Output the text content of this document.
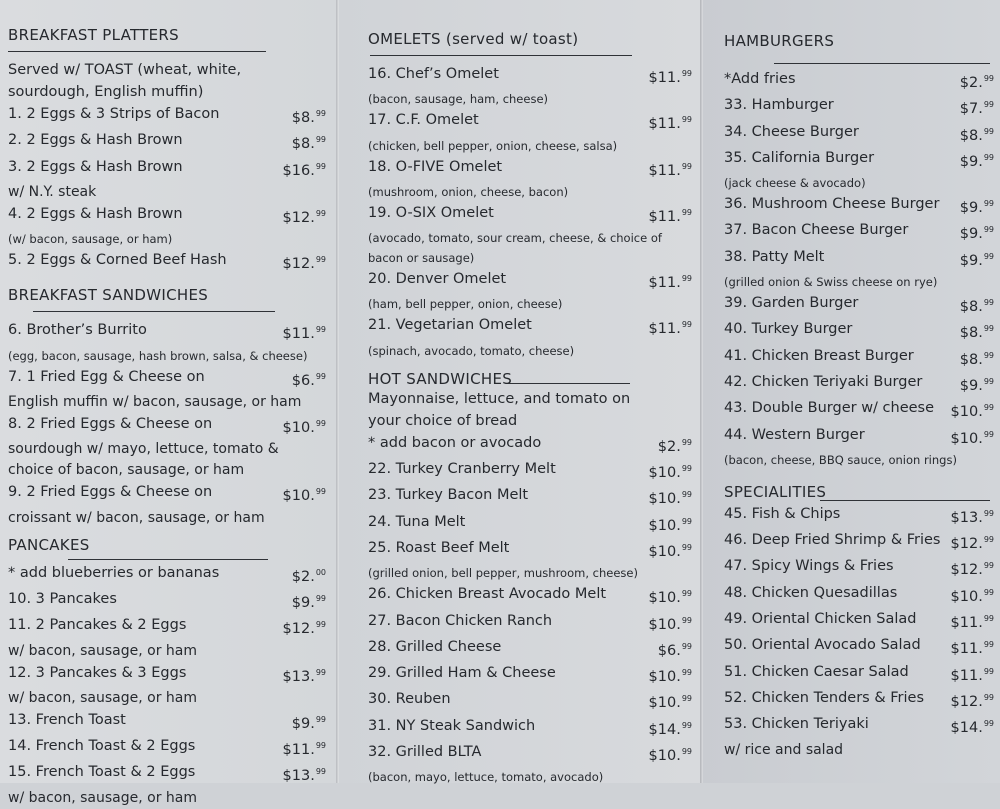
BREAKFAST PLATTERS
Served w/ TOAST (wheat, white, sourdough, English muffin)
1. 2 Eggs & 3 Strips of Bacon	$8.99
2. 2 Eggs & Hash Brown	$8.99
3. 2 Eggs & Hash Brown	$16.99
w/ N.Y. steak
4. 2 Eggs & Hash Brown	$12.99
(w/ bacon, sausage, or ham)
5. 2 Eggs & Corned Beef Hash	$12.99
BREAKFAST SANDWICHES
6. Brother’s Burrito	$11.99
(egg, bacon, sausage, hash brown, salsa, & cheese)
7. 1 Fried Egg & Cheese on	$6.99
English muffin w/ bacon, sausage, or ham
8. 2 Fried Eggs & Cheese on	$10.99
sourdough w/ mayo, lettuce, tomato & choice of bacon, sausage, or ham
9. 2 Fried Eggs & Cheese on	$10.99
croissant w/ bacon, sausage, or ham
PANCAKES
* add blueberries or bananas	$2.00
10. 3 Pancakes	$9.99
11. 2 Pancakes & 2 Eggs	$12.99
w/ bacon, sausage, or ham
12. 3 Pancakes & 3 Eggs	$13.99
w/ bacon, sausage, or ham
13. French Toast	$9.99
14. French Toast & 2 Eggs	$11.99
15. French Toast & 2 Eggs	$13.99
w/ bacon, sausage, or ham
OMELETS (served w/ toast)
16. Chef’s Omelet	$11.99
(bacon, sausage, ham, cheese)
17. C.F. Omelet	$11.99
(chicken, bell pepper, onion, cheese, salsa)
18. O-FIVE Omelet	$11.99
(mushroom, onion, cheese, bacon)
19. O-SIX Omelet	$11.99
(avocado, tomato, sour cream, cheese, & choice of bacon or sausage)
20. Denver Omelet	$11.99
(ham, bell pepper, onion, cheese)
21. Vegetarian Omelet	$11.99
(spinach, avocado, tomato, cheese)
HOT SANDWICHES
Mayonnaise, lettuce, and tomato on your choice of bread
* add bacon or avocado	$2.99
22. Turkey Cranberry Melt	$10.99
23. Turkey Bacon Melt	$10.99
24. Tuna Melt	$10.99
25. Roast Beef Melt	$10.99
(grilled onion, bell pepper, mushroom, cheese)
26. Chicken Breast Avocado Melt	$10.99
27. Bacon Chicken Ranch	$10.99
28. Grilled Cheese	$6.99
29. Grilled Ham & Cheese	$10.99
30. Reuben	$10.99
31. NY Steak Sandwich	$14.99
32. Grilled BLTA	$10.99
(bacon, mayo, lettuce, tomato, avocado)
HAMBURGERS
*Add fries	$2.99
33. Hamburger	$7.99
34. Cheese Burger	$8.99
35. California Burger	$9.99
(jack cheese & avocado)
36. Mushroom Cheese Burger $9.99
37. Bacon Cheese Burger	$9.99
38. Patty Melt	$9.99
(grilled onion & Swiss cheese on rye)
39. Garden Burger	$8.99
40. Turkey Burger	$8.99
41. Chicken Breast Burger	$8.99
42. Chicken Teriyaki Burger	$9.99
43. Double Burger w/ cheese $10.99
44. Western Burger	$10.99
(bacon, cheese, BBQ sauce, onion rings)
SPECIALITIES
45. Fish & Chips	$13.99
46. Deep Fried Shrimp & Fries $12.99
47. Spicy Wings & Fries	$12.99
48. Chicken Quesadillas	$10.99
49. Oriental Chicken Salad $11.99
50. Oriental Avocado Salad $11.99
51. Chicken Caesar Salad	$11.99
52. Chicken Tenders & Fries $12.99
53. Chicken Teriyaki	$14.99
w/ rice and salad
